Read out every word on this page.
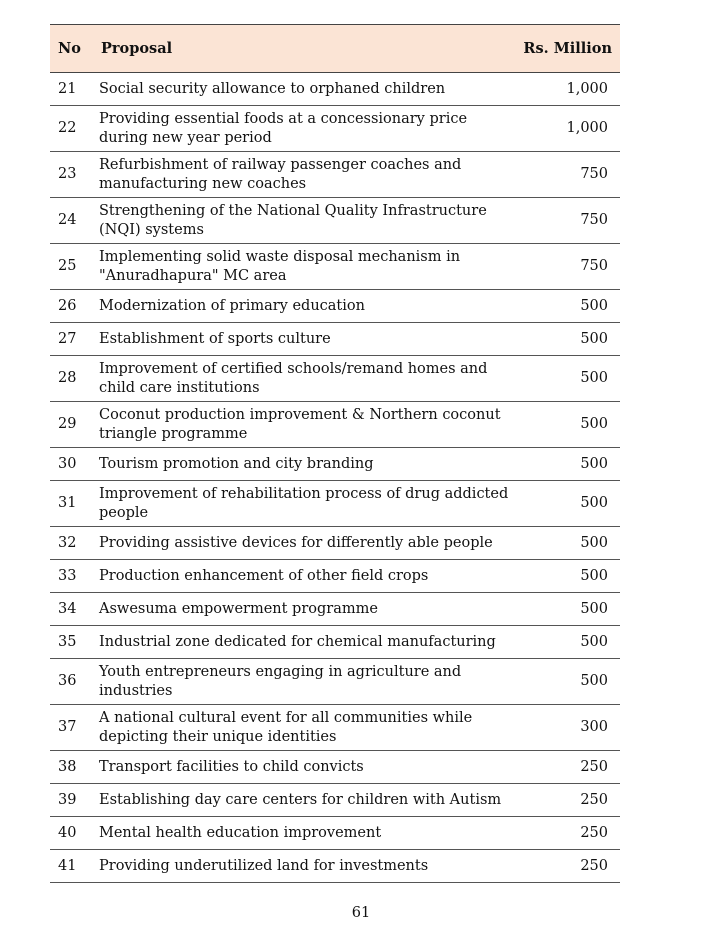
No	Proposal	Rs. Million
21	Social security allowance to orphaned children	1,000
22	Providing essential foods at a concessionary price during new year period	1,000
23	Refurbishment of railway passenger coaches and manufacturing new coaches	750
24	Strengthening of the National Quality Infrastructure (NQI) systems	750
25	Implementing solid waste disposal mechanism in "Anuradhapura" MC area	750
26	Modernization of primary education	500
27	Establishment of sports culture	500
28	Improvement of certified schools/remand homes and child care institutions	500
29	Coconut production improvement & Northern coconut triangle programme	500
30	Tourism promotion and city branding	500
31	Improvement of rehabilitation process of drug addicted people	500
32	Providing assistive devices for differently able people	500
33	Production enhancement of other field crops	500
34	Aswesuma empowerment programme	500
35	Industrial zone dedicated for chemical manufacturing	500
36	Youth entrepreneurs engaging in agriculture and industries	500
37	A national cultural event for all communities while depicting their unique identities	300
38	Transport facilities to child convicts	250
39	Establishing day care centers for children with Autism	250
40	Mental health education improvement	250
41	Providing underutilized land for investments	250
61
